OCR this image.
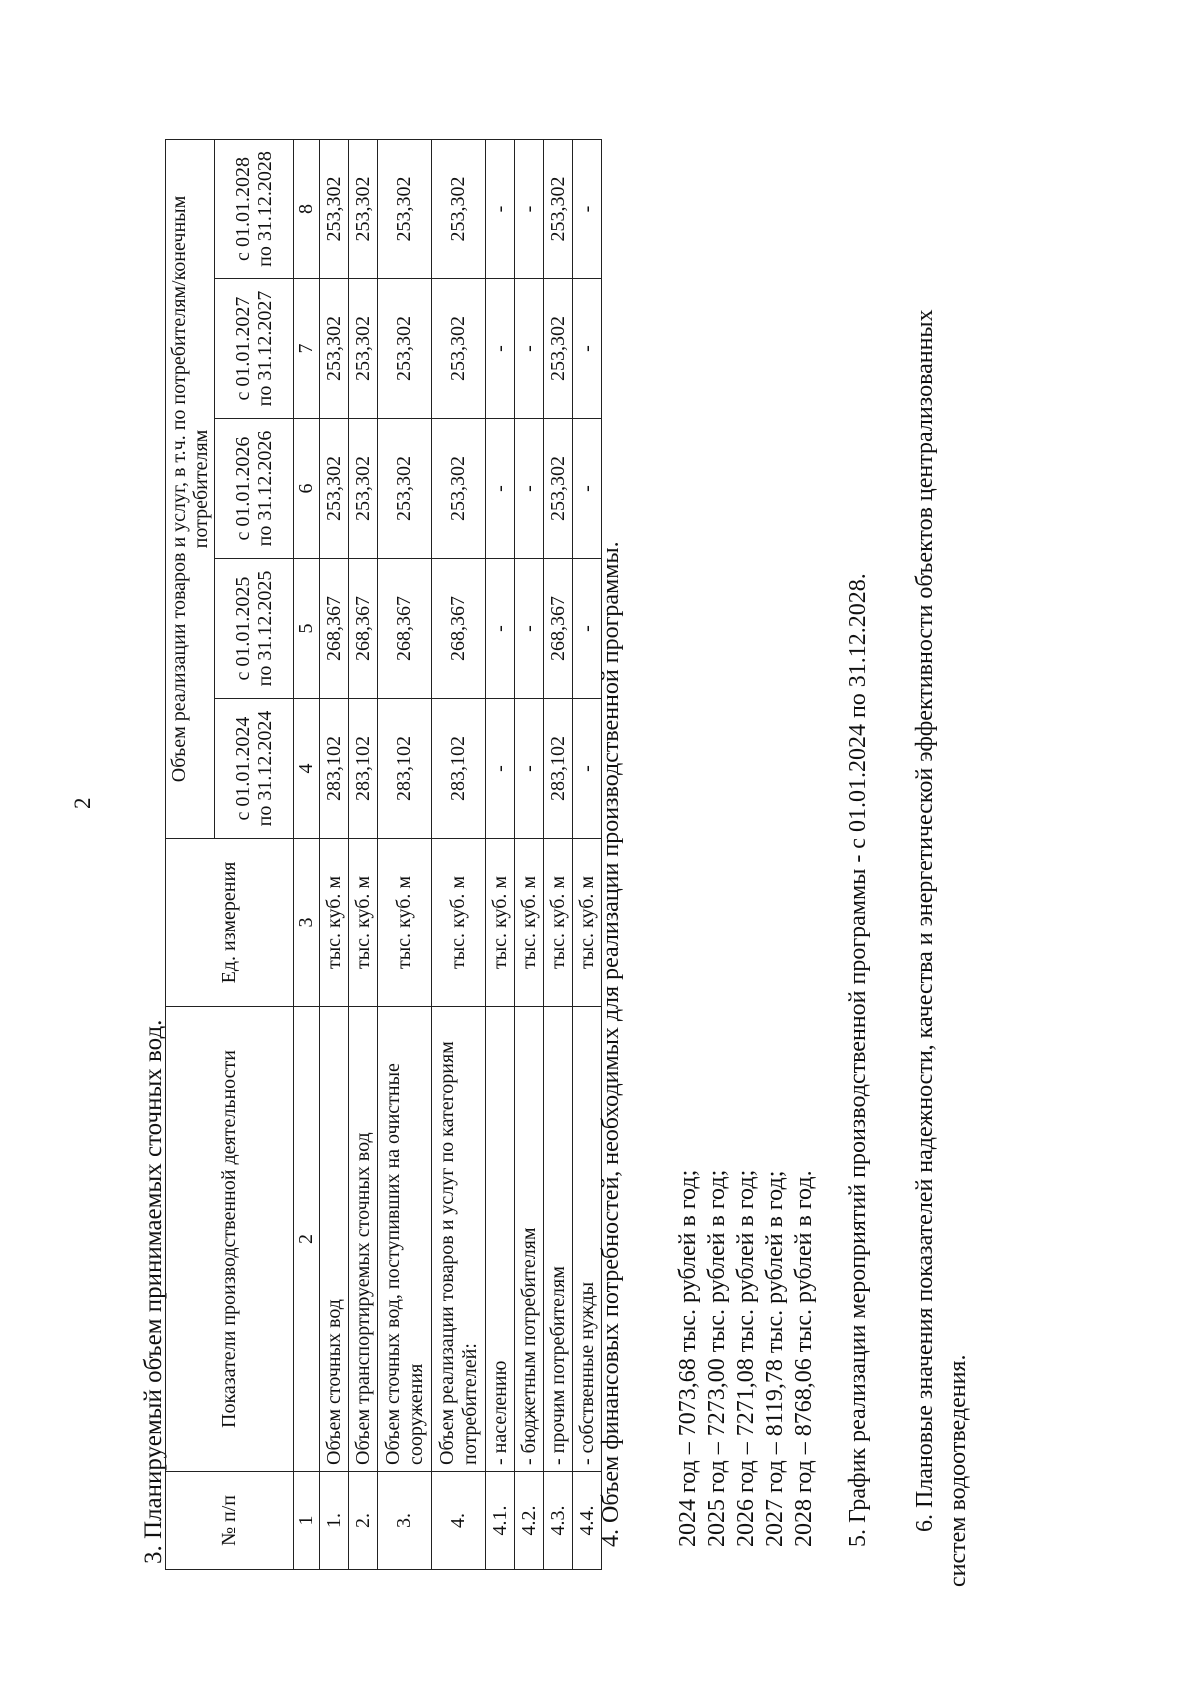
2
3. Планируемый объем принимаемых сточных вод.	№ п/п	Показатели производственной деятельности	Ед. измерения	Объем реализации товаров и услуг, в т.ч. по потребителям/конечным потребителям				
			с 01.01.2024 по 31.12.2024	с 01.01.2025 по 31.12.2025	с 01.01.2026 по 31.12.2026	с 01.01.2027 по 31.12.2027	с 01.01.2028 по 31.12.2028
1	2	3	4	5	6	7	8
1.	Объем сточных вод	тыс. куб. м	283,102	268,367	253,302	253,302	253,302
2.	Объем транспортируемых сточных вод	тыс. куб. м	283,102	268,367	253,302	253,302	253,302
3.	Объем сточных вод, поступивших на очистные сооружения	тыс. куб. м	283,102	268,367	253,302	253,302	253,302
4.	Объем реализации товаров и услуг по категориям потребителей:	тыс. куб. м	283,102	268,367	253,302	253,302	253,302
4.1.	- населению	тыс. куб. м	-	-	-	-	-
4.2.	- бюджетным потребителям	тыс. куб. м	-	-	-	-	-
4.3.	- прочим потребителям	тыс. куб. м	283,102	268,367	253,302	253,302	253,302
4.4.	- собственные нужды	тыс. куб. м	-	-	-	-	-
4. Объем финансовых потребностей, необходимых для реализации производственной программы. 2024 год – 7073,68 тыс. рублей в год; 2025 год – 7273,00 тыс. рублей в год; 2026 год – 7271,08 тыс. рублей в год; 2027 год – 8119,78 тыс. рублей в год; 2028 год – 8768,06 тыс. рублей в год. 5. График реализации мероприятий производственной программы - с 01.01.2024 по 31.12.2028. 6. Плановые значения показателей надежности, качества и энергетической эффективности объектов централизованных систем водоотведения.
